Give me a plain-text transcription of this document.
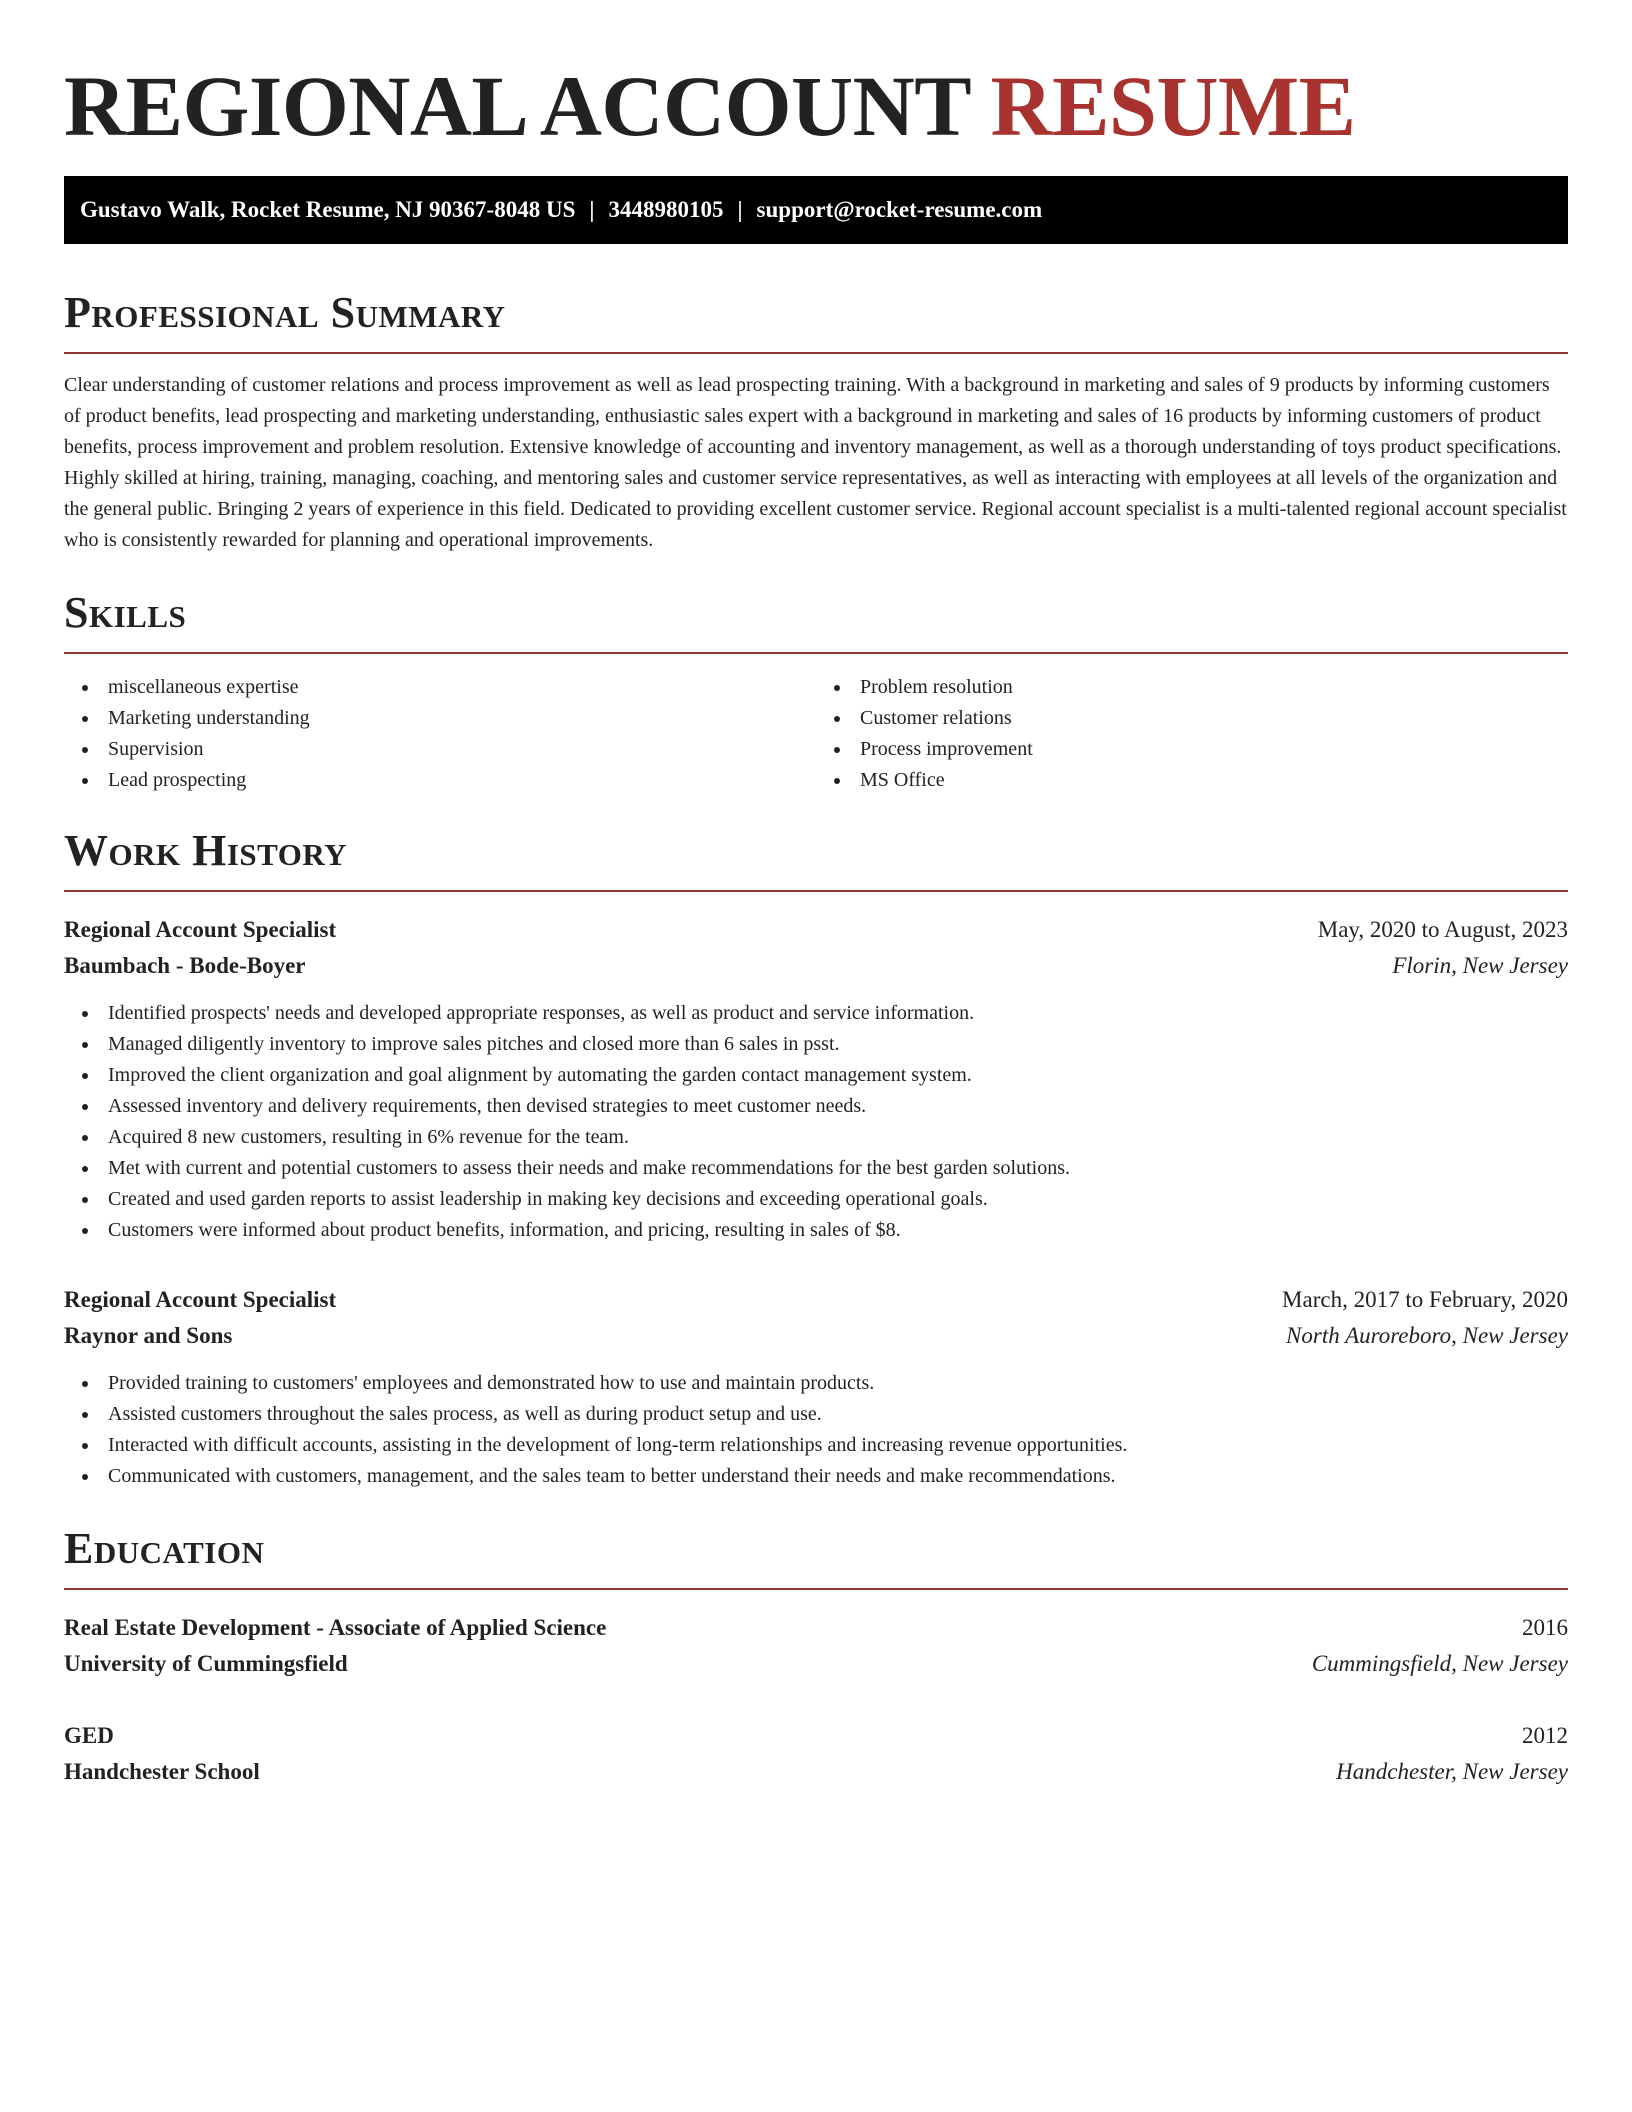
REGIONAL ACCOUNT RESUME
Gustavo Walk, Rocket Resume, NJ 90367-8048 US | 3448980105 | support@rocket-resume.com
Professional Summary

Clear understanding of customer relations and process improvement as well as lead prospecting training. With a background in marketing and sales of 9 products by informing customers of product benefits, lead prospecting and marketing understanding, enthusiastic sales expert with a background in marketing and sales of 16 products by informing customers of product benefits, process improvement and problem resolution. Extensive knowledge of accounting and inventory management, as well as a thorough understanding of toys product specifications. Highly skilled at hiring, training, managing, coaching, and mentoring sales and customer service representatives, as well as interacting with employees at all levels of the organization and the general public. Bringing 2 years of experience in this field. Dedicated to providing excellent customer service. Regional account specialist is a multi-talented regional account specialist who is consistently rewarded for planning and operational improvements.

Skills
miscellaneous expertise
Marketing understanding
Supervision
Lead prospecting
Problem resolution
Customer relations
Process improvement
MS Office
Work History
Regional Account Specialist	May, 2020 to August, 2023
Baumbach - Bode-Boyer	Florin, New Jersey
Identified prospects' needs and developed appropriate responses, as well as product and service information.
Managed diligently inventory to improve sales pitches and closed more than 6 sales in psst.
Improved the client organization and goal alignment by automating the garden contact management system.
Assessed inventory and delivery requirements, then devised strategies to meet customer needs.
Acquired 8 new customers, resulting in 6% revenue for the team.
Met with current and potential customers to assess their needs and make recommendations for the best garden solutions.
Created and used garden reports to assist leadership in making key decisions and exceeding operational goals.
Customers were informed about product benefits, information, and pricing, resulting in sales of $8.
Regional Account Specialist	March, 2017 to February, 2020
Raynor and Sons	North Auroreboro, New Jersey
Provided training to customers' employees and demonstrated how to use and maintain products.
Assisted customers throughout the sales process, as well as during product setup and use.
Interacted with difficult accounts, assisting in the development of long-term relationships and increasing revenue opportunities.
Communicated with customers, management, and the sales team to better understand their needs and make recommendations.
Education
Real Estate Development - Associate of Applied Science	2016
University of Cummingsfield	Cummingsfield, New Jersey
GED	2012
Handchester School	Handchester, New Jersey
